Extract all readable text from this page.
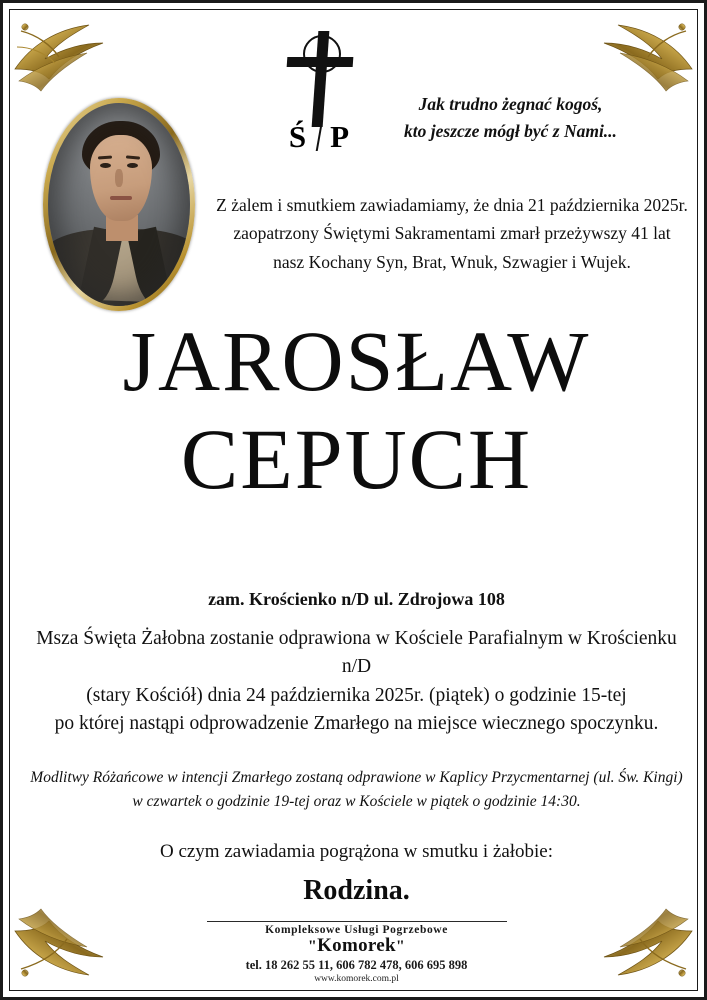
Ś P
Jak trudno żegnać kogoś,
kto jeszcze mógł być z Nami...
Z żalem i smutkiem zawiadamiamy, że dnia 21 października 2025r.
zaopatrzony Świętymi Sakramentami zmarł przeżywszy 41 lat
nasz Kochany Syn, Brat, Wnuk, Szwagier i Wujek.
JAROSŁAW
CEPUCH
zam. Krościenko n/D ul. Zdrojowa 108
Msza Święta Żałobna zostanie odprawiona w Kościele Parafialnym w Krościenku n/D
(stary Kościół) dnia 24 października 2025r. (piątek) o godzinie 15-tej
po której nastąpi odprowadzenie Zmarłego na miejsce wiecznego spoczynku.
Modlitwy Różańcowe w intencji Zmarłego zostaną odprawione w Kaplicy Przycmentarnej (ul. Św. Kingi)
w czwartek o godzinie 19-tej oraz w Kościele w piątek o godzinie 14:30.
O czym zawiadamia pogrążona w smutku i żałobie:
Rodzina.
Kompleksowe Usługi Pogrzebowe
"Komorek"
tel. 18 262 55 11, 606 782 478, 606 695 898
www.komorek.com.pl
